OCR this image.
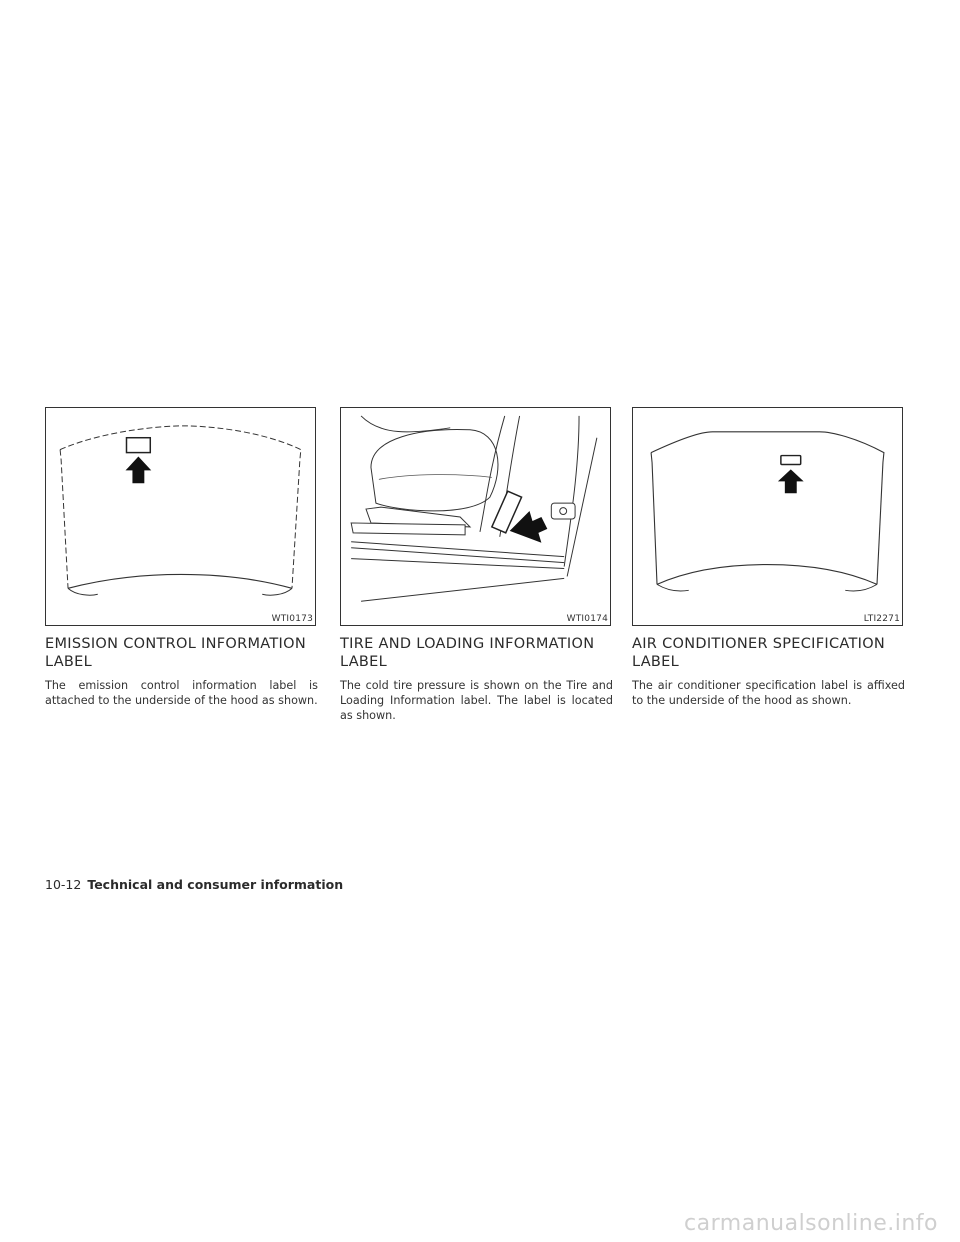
WTI0173
EMISSION CONTROL INFORMATION LABEL

The emission control information label is attached to the underside of the hood as shown.

WTI0174
TIRE AND LOADING INFORMATION LABEL

The cold tire pressure is shown on the Tire and Loading Information label. The label is located as shown.

LTI2271
AIR CONDITIONER SPECIFICATION LABEL

The air conditioner specification label is affixed to the underside of the hood as shown.

10-12 Technical and consumer information
carmanualsonline.info
